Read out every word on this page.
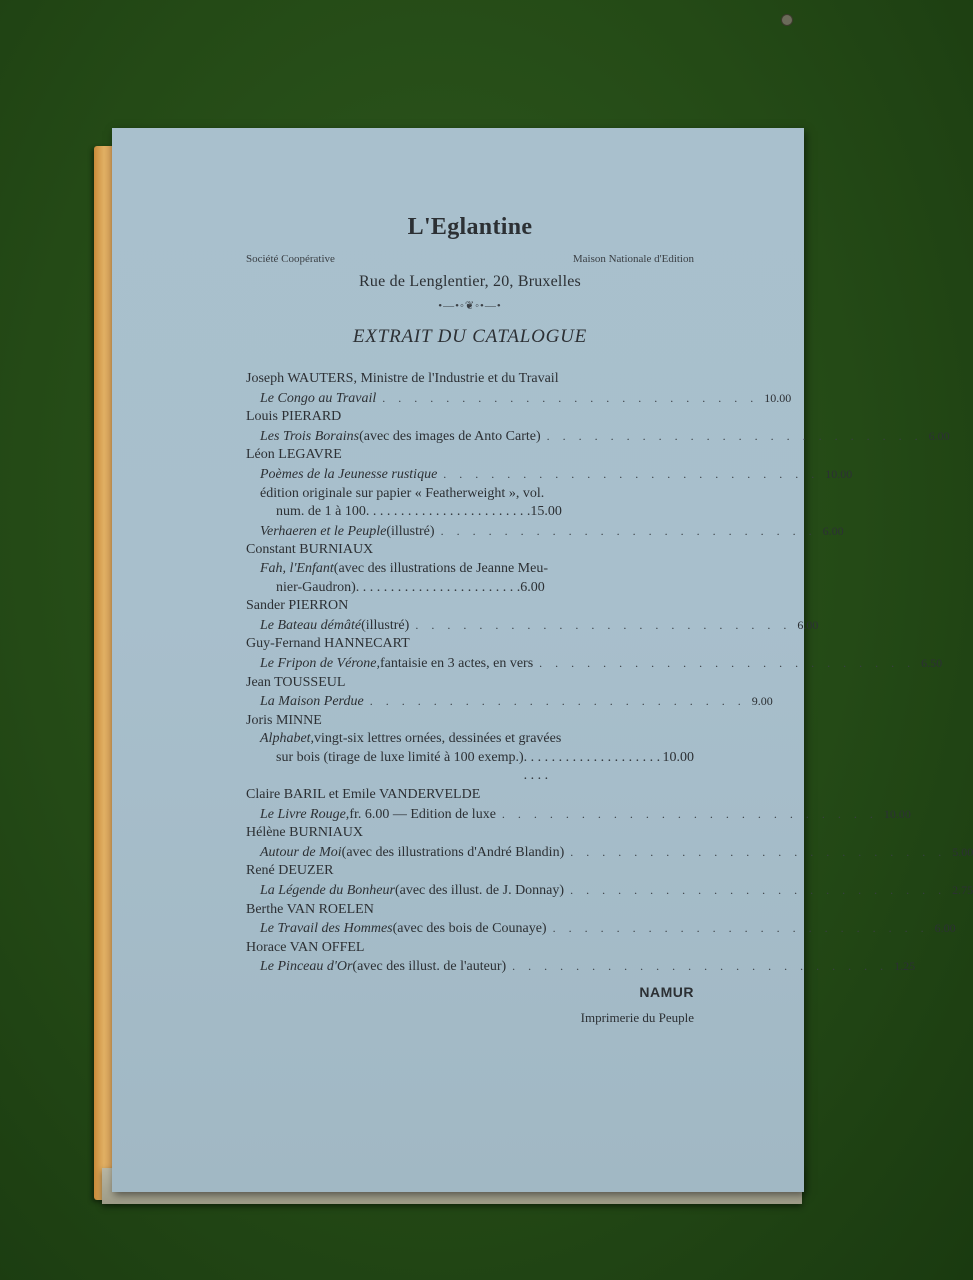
L'Eglantine
Société Coopérative	Maison Nationale d'Edition
Rue de Lenglentier, 20, Bruxelles
•—•◦❦◦•—•
EXTRAIT DU CATALOGUE
Joseph WAUTERS, Ministre de l'Industrie et du Travail
Le Congo au Travail . . . . . . . . . . . . . . . . . . . . . . . . 10.00
Louis PIERARD
Les Trois Borains (avec des images de Anto Carte) . . . . . . . . . . . . . . . . . . . . . . . . 6.00
Léon LEGAVRE
Poèmes de la Jeunesse rustique . . . . . . . . . . . . . . . . . . . . . . . . 10.00
édition originale sur papier « Featherweight », vol.
num. de 1 à 100 . . . . . . . . . . . . . . . . . . . . . . . . 15.00
Verhaeren et le Peuple (illustré) . . . . . . . . . . . . . . . . . . . . . . . . 6.00
Constant BURNIAUX
Fah, l'Enfant (avec des illustrations de Jeanne Meu-
nier-Gaudron) . . . . . . . . . . . . . . . . . . . . . . . . 6.00
Sander PIERRON
Le Bateau démâté (illustré) . . . . . . . . . . . . . . . . . . . . . . . . 6.00
Guy-Fernand HANNECART
Le Fripon de Vérone, fantaisie en 3 actes, en vers . . . . . . . . . . . . . . . . . . . . . . . . 6.50
Jean TOUSSEUL
La Maison Perdue . . . . . . . . . . . . . . . . . . . . . . . . 9.00
Joris MINNE
Alphabet, vingt-six lettres ornées, dessinées et gravées
sur bois (tirage de luxe limité à 100 exemp.) . . . . . . . . . . . . . . . . . . . . . . . .
10.00
Claire BARIL et Emile VANDERVELDE
Le Livre Rouge, fr. 6.00 — Edition de luxe . . . . . . . . . . . . . . . . . . . . . . . . 10.00
Hélène BURNIAUX
Autour de Moi (avec des illustrations d'André Blandin) . . . . . . . . . . . . . . . . . . . . . . . . 5.00
René DEUZER
La Légende du Bonheur (avec des illust. de J. Donnay) . . . . . . . . . . . . . . . . . . . . . . . . 2.75
Berthe VAN ROELEN
Le Travail des Hommes (avec des bois de Counaye) . . . . . . . . . . . . . . . . . . . . . . . . 6.00
Horace VAN OFFEL
Le Pinceau d'Or (avec des illust. de l'auteur) . . . . . . . . . . . . . . . . . . . . . . . . 1.25
NAMUR
Imprimerie du Peuple
